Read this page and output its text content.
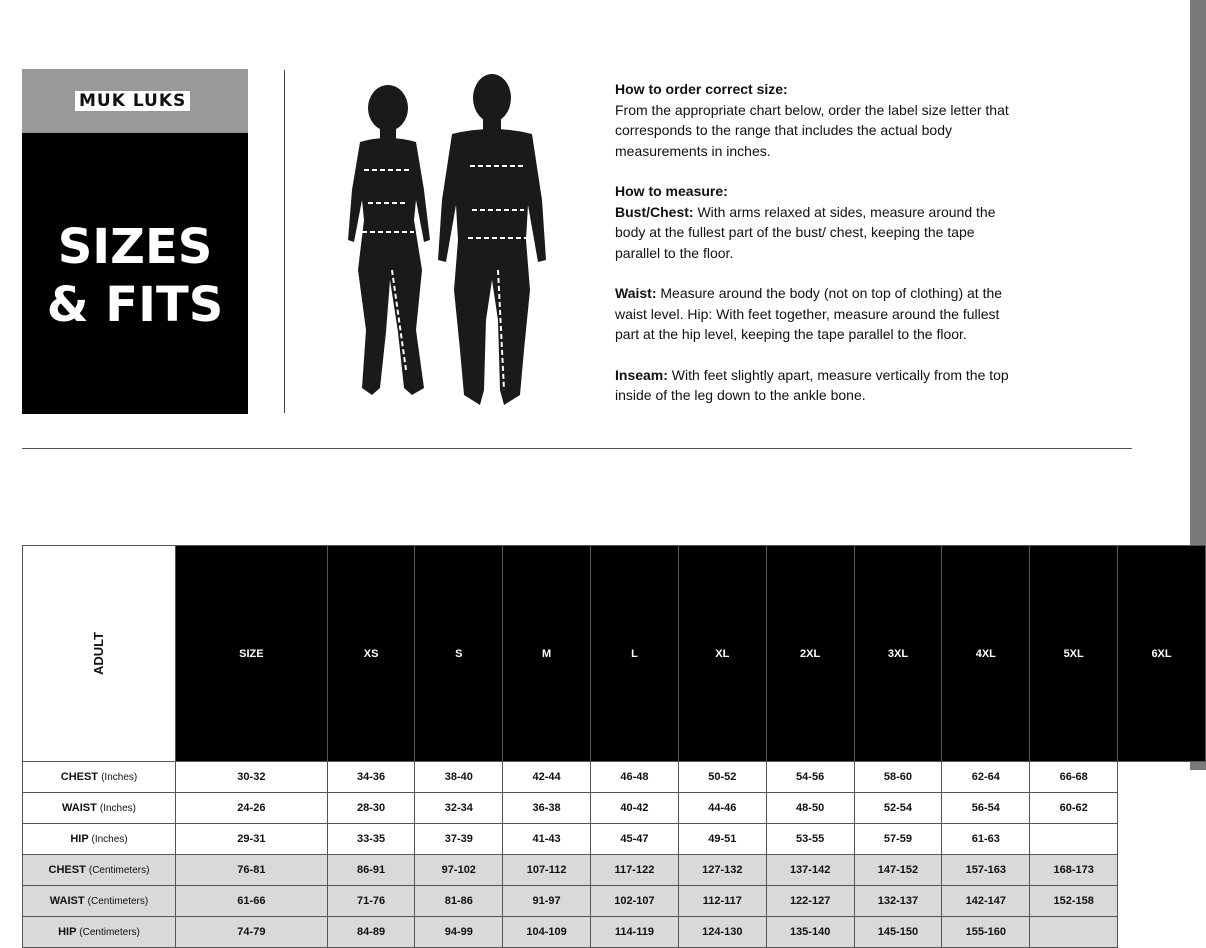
MUK LUKS
SIZES
& FITS

How to order correct size:
From the appropriate chart below, order the label size letter that corresponds to the range that includes the actual body measurements in inches.

How to measure:
Bust/Chest: With arms relaxed at sides, measure around the body at the fullest part of the bust/ chest, keeping the tape parallel to the floor.

Waist: Measure around the body (not on top of clothing) at the waist level. Hip: With feet together, measure around the fullest part at the hip level, keeping the tape parallel to the floor.

Inseam: With feet slightly apart, measure vertically from the top inside of the leg down to the ankle bone.

ADULT	SIZE	XS	S	M	L	XL	2XL	3XL	4XL	5XL	6XL
CHEST (Inches)	30-32	34-36	38-40	42-44	46-48	50-52	54-56	58-60	62-64	66-68	
WAIST (Inches)	24-26	28-30	32-34	36-38	40-42	44-46	48-50	52-54	56-54	60-62	
HIP (Inches)	29-31	33-35	37-39	41-43	45-47	49-51	53-55	57-59	61-63		
CHEST (Centimeters)	76-81	86-91	97-102	107-112	117-122	127-132	137-142	147-152	157-163	168-173	
WAIST (Centimeters)	61-66	71-76	81-86	91-97	102-107	112-117	122-127	132-137	142-147	152-158	
HIP (Centimeters)	74-79	84-89	94-99	104-109	114-119	124-130	135-140	145-150	155-160		
